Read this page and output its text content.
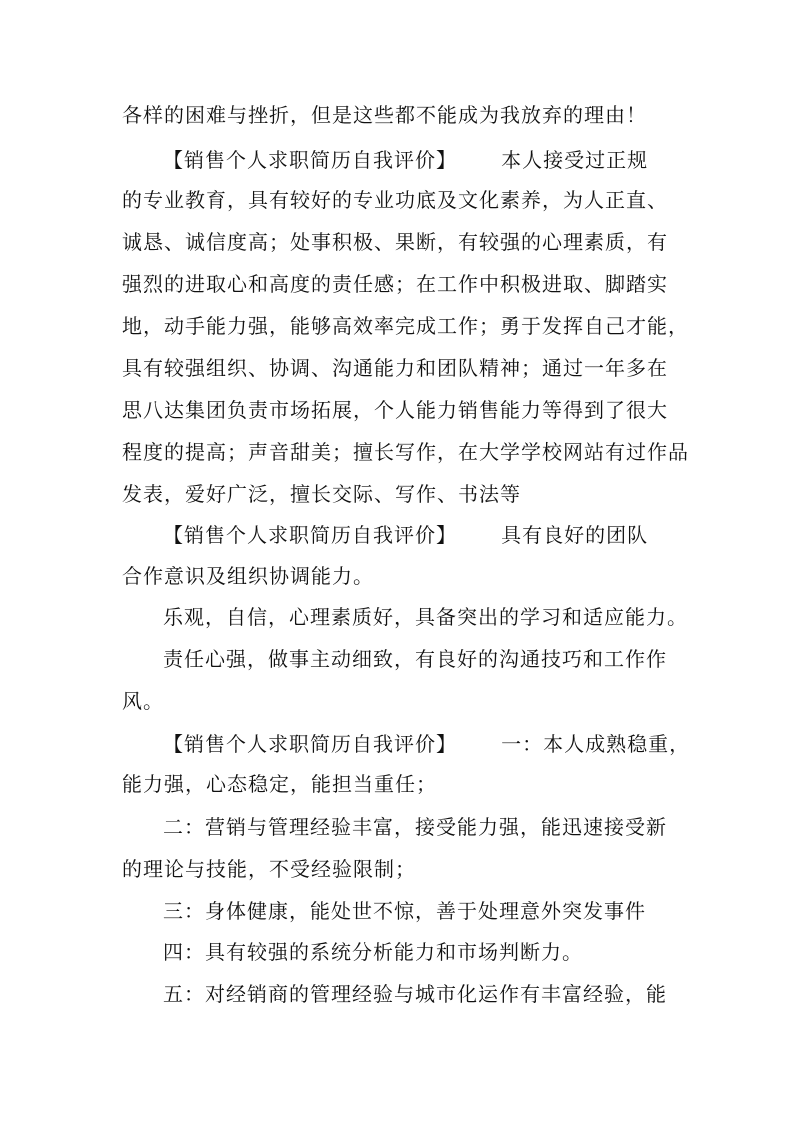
各样的困难与挫折，但是这些都不能成为我放弃的理由！
【销售个人求职简历自我评价】      本人接受过正规
的专业教育，具有较好的专业功底及文化素养，为人正直、
诚恳、诚信度高；处事积极、果断，有较强的心理素质，有
强烈的进取心和高度的责任感；在工作中积极进取、脚踏实
地，动手能力强，能够高效率完成工作；勇于发挥自己才能，
具有较强组织、协调、沟通能力和团队精神；通过一年多在
思八达集团负责市场拓展，个人能力销售能力等得到了很大
程度的提高；声音甜美；擅长写作，在大学学校网站有过作品
发表，爱好广泛，擅长交际、写作、书法等
【销售个人求职简历自我评价】      具有良好的团队
合作意识及组织协调能力。
乐观，自信，心理素质好，具备突出的学习和适应能力。
责任心强，做事主动细致，有良好的沟通技巧和工作作
风。
【销售个人求职简历自我评价】      一：本人成熟稳重，
能力强，心态稳定，能担当重任；
二：营销与管理经验丰富，接受能力强，能迅速接受新
的理论与技能，不受经验限制；
三：身体健康，能处世不惊，善于处理意外突发事件
四：具有较强的系统分析能力和市场判断力。
五：对经销商的管理经验与城市化运作有丰富经验，能
